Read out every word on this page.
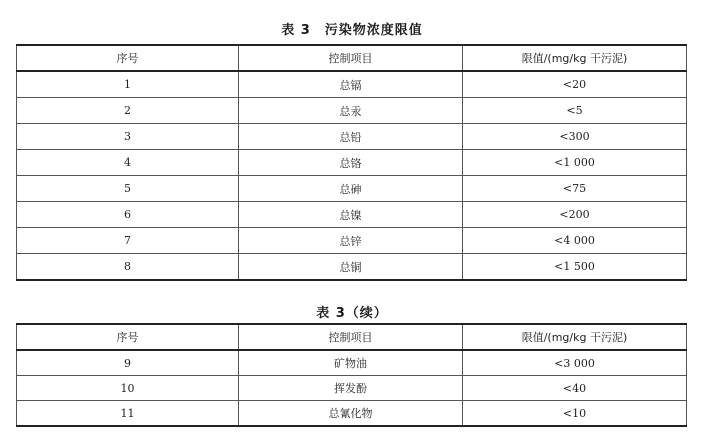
表 3　污染物浓度限值
序号	控制项目	限值/(mg/kg 干污泥)
1	总镉	<20
2	总汞	<5
3	总铅	<300
4	总铬	<1 000
5	总砷	<75
6	总镍	<200
7	总锌	<4 000
8	总铜	<1 500
表 3（续）
序号	控制项目	限值/(mg/kg 干污泥)
9	矿物油	<3 000
10	挥发酚	<40
11	总氰化物	<10
